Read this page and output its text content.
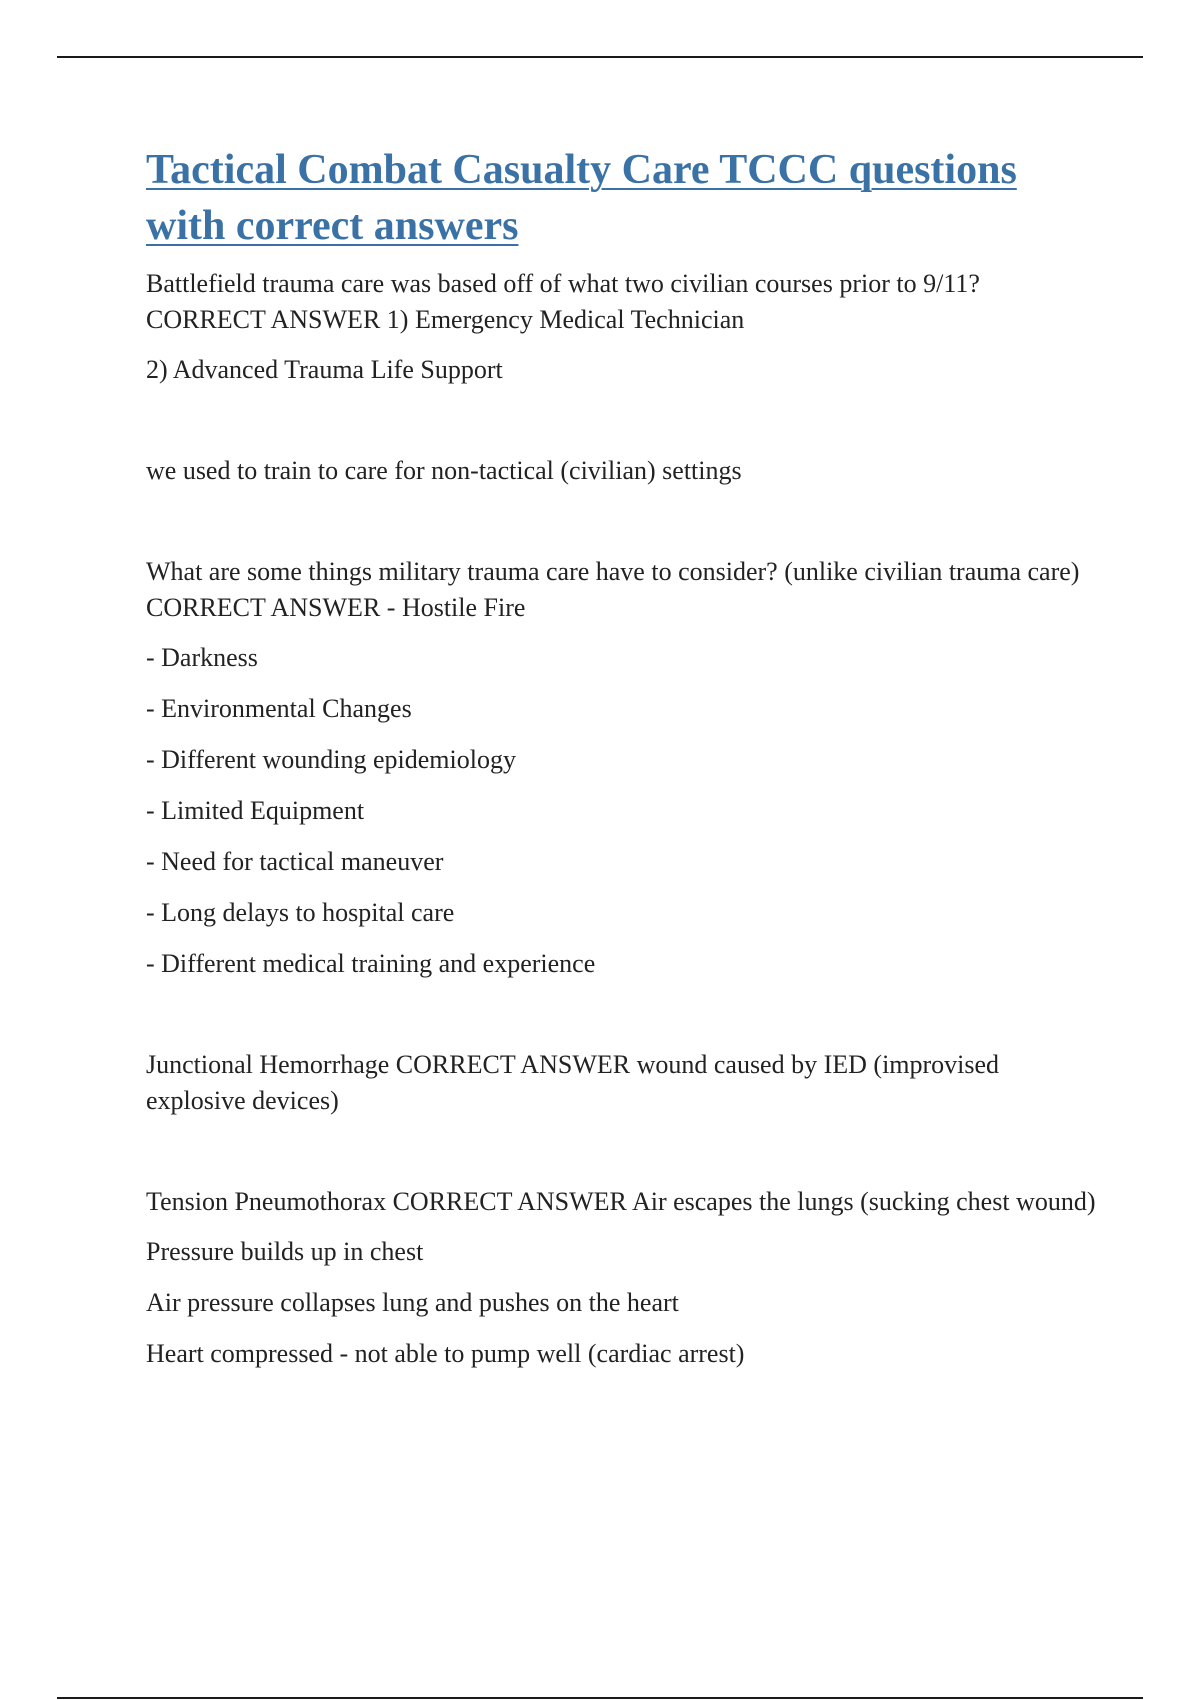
Tactical Combat Casualty Care TCCC questions with correct answers

Battlefield trauma care was based off of what two civilian courses prior to 9/11? CORRECT ANSWER 1) Emergency Medical Technician

2) Advanced Trauma Life Support

we used to train to care for non-tactical (civilian) settings

What are some things military trauma care have to consider? (unlike civilian trauma care) CORRECT ANSWER - Hostile Fire

- Darkness

- Environmental Changes

- Different wounding epidemiology

- Limited Equipment

- Need for tactical maneuver

- Long delays to hospital care

- Different medical training and experience

Junctional Hemorrhage CORRECT ANSWER wound caused by IED (improvised explosive devices)

Tension Pneumothorax CORRECT ANSWER Air escapes the lungs (sucking chest wound)

Pressure builds up in chest

Air pressure collapses lung and pushes on the heart

Heart compressed - not able to pump well (cardiac arrest)
